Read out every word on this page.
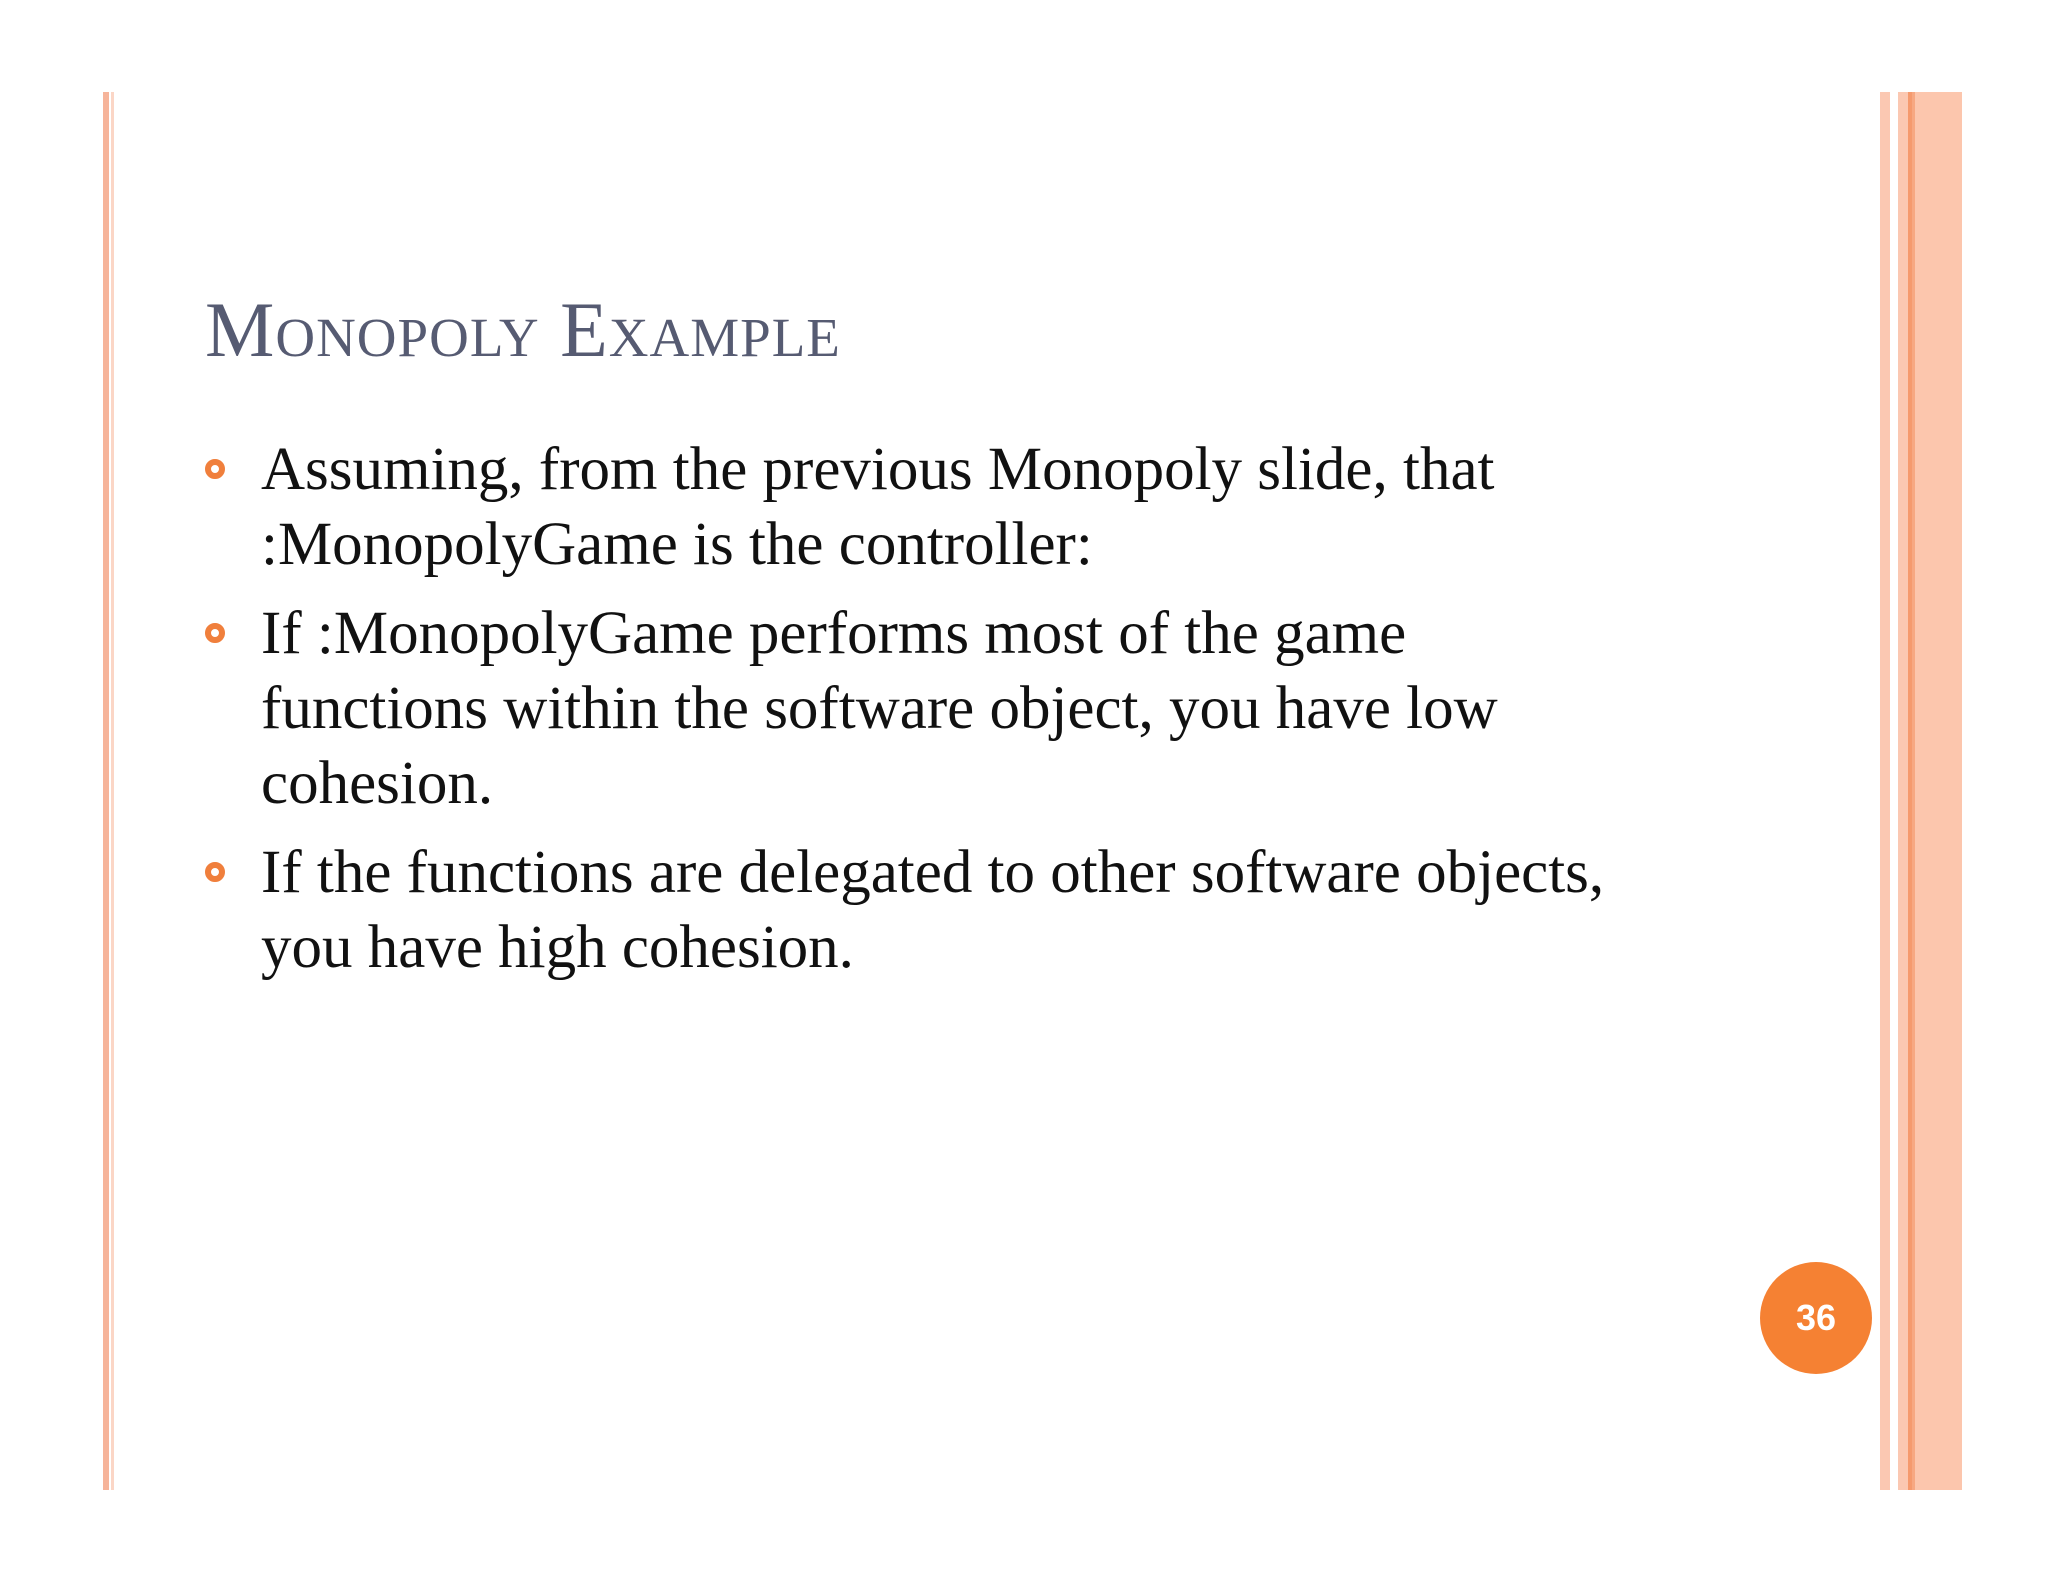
Monopoly Example
Assuming, from the previous Monopoly slide, that :MonopolyGame is the controller:
If :MonopolyGame performs most of the game functions within the software object, you have low cohesion.
If the functions are delegated to other software objects, you have high cohesion.
36
